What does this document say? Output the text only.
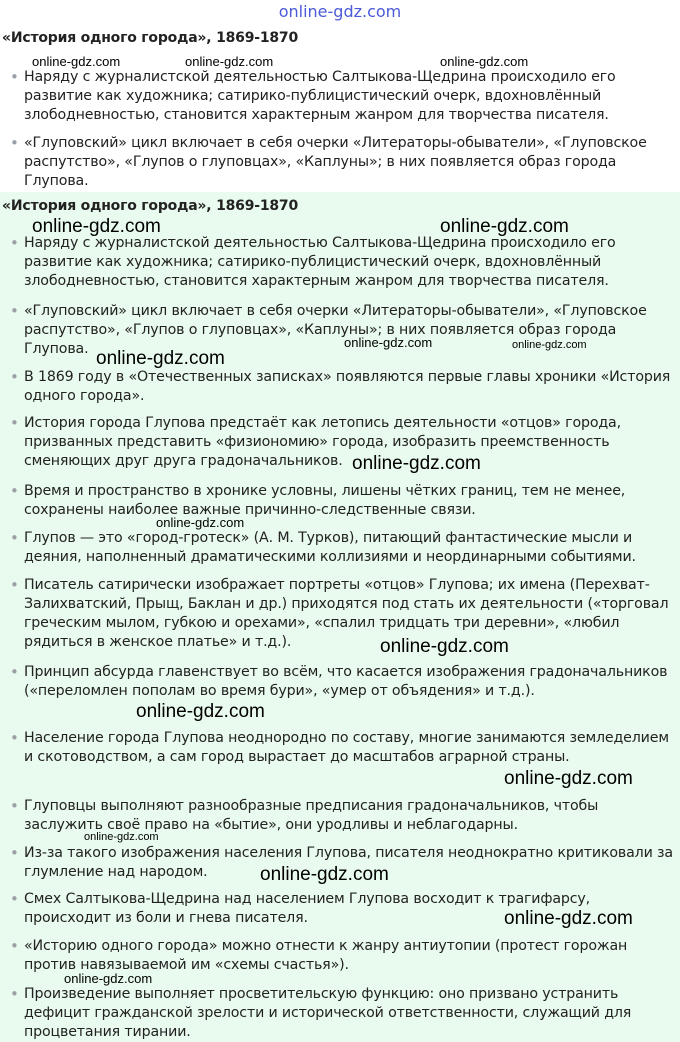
online-gdz.com
«История одного города», 1869-1870
• Наряду с журналистской деятельностью Салтыкова-Щедрина происходило его развитие как художника; сатирико-публицистический очерк, вдохновлённый злободневностью, становится характерным жанром для творчества писателя.
• «Глуповский» цикл включает в себя очерки «Литераторы-обыватели», «Глуповское распутство», «Глупов о глуповцах», «Каплуны»; в них появляется образ города Глупова.
«История одного города», 1869-1870
• Наряду с журналистской деятельностью Салтыкова-Щедрина происходило его развитие как художника; сатирико-публицистический очерк, вдохновлённый злободневностью, становится характерным жанром для творчества писателя.
• «Глуповский» цикл включает в себя очерки «Литераторы-обыватели», «Глуповское распутство», «Глупов о глуповцах», «Каплуны»; в них появляется образ города Глупова.
• В 1869 году в «Отечественных записках» появляются первые главы хроники «История одного города».
• История города Глупова предстаёт как летопись деятельности «отцов» города, призванных представить «физиономию» города, изобразить преемственность сменяющих друг друга градоначальников.
• Время и пространство в хронике условны, лишены чётких границ, тем не менее, сохранены наиболее важные причинно-следственные связи.
• Глупов — это «город-гротеск» (А. М. Турков), питающий фантастические мысли и деяния, наполненный драматическими коллизиями и неординарными событиями.
• Писатель сатирически изображает портреты «отцов» Глупова; их имена (Перехват-Залихватский, Прыщ, Баклан и др.) приходятся под стать их деятельности («торговал греческим мылом, губкою и орехами», «спалил тридцать три деревни», «любил рядиться в женское платье» и т.д.).
• Принцип абсурда главенствует во всём, что касается изображения градоначальников («переломлен пополам во время бури», «умер от объядения» и т.д.).
• Население города Глупова неоднородно по составу, многие занимаются земледелием и скотоводством, а сам город вырастает до масштабов аграрной страны.
• Глуповцы выполняют разнообразные предписания градоначальников, чтобы заслужить своё право на «бытие», они уродливы и неблагодарны.
• Из-за такого изображения населения Глупова, писателя неоднократно критиковали за глумление над народом.
• Смех Салтыкова-Щедрина над населением Глупова восходит к трагифарсу, происходит из боли и гнева писателя.
• «Историю одного города» можно отнести к жанру антиутопии (протест горожан против навязываемой им «схемы счастья»).
• Произведение выполняет просветительскую функцию: оно призвано устранить дефицит гражданской зрелости и исторической ответственности, служащий для процветания тирании.
online-gdz.com	online-gdz.com	online-gdz.com
online-gdz.com	online-gdz.com
online-gdz.com
online-gdz.com	online-gdz.com
online-gdz.com
online-gdz.com
online-gdz.com
online-gdz.com
online-gdz.com
online-gdz.com
online-gdz.com
online-gdz.com
online-gdz.com
